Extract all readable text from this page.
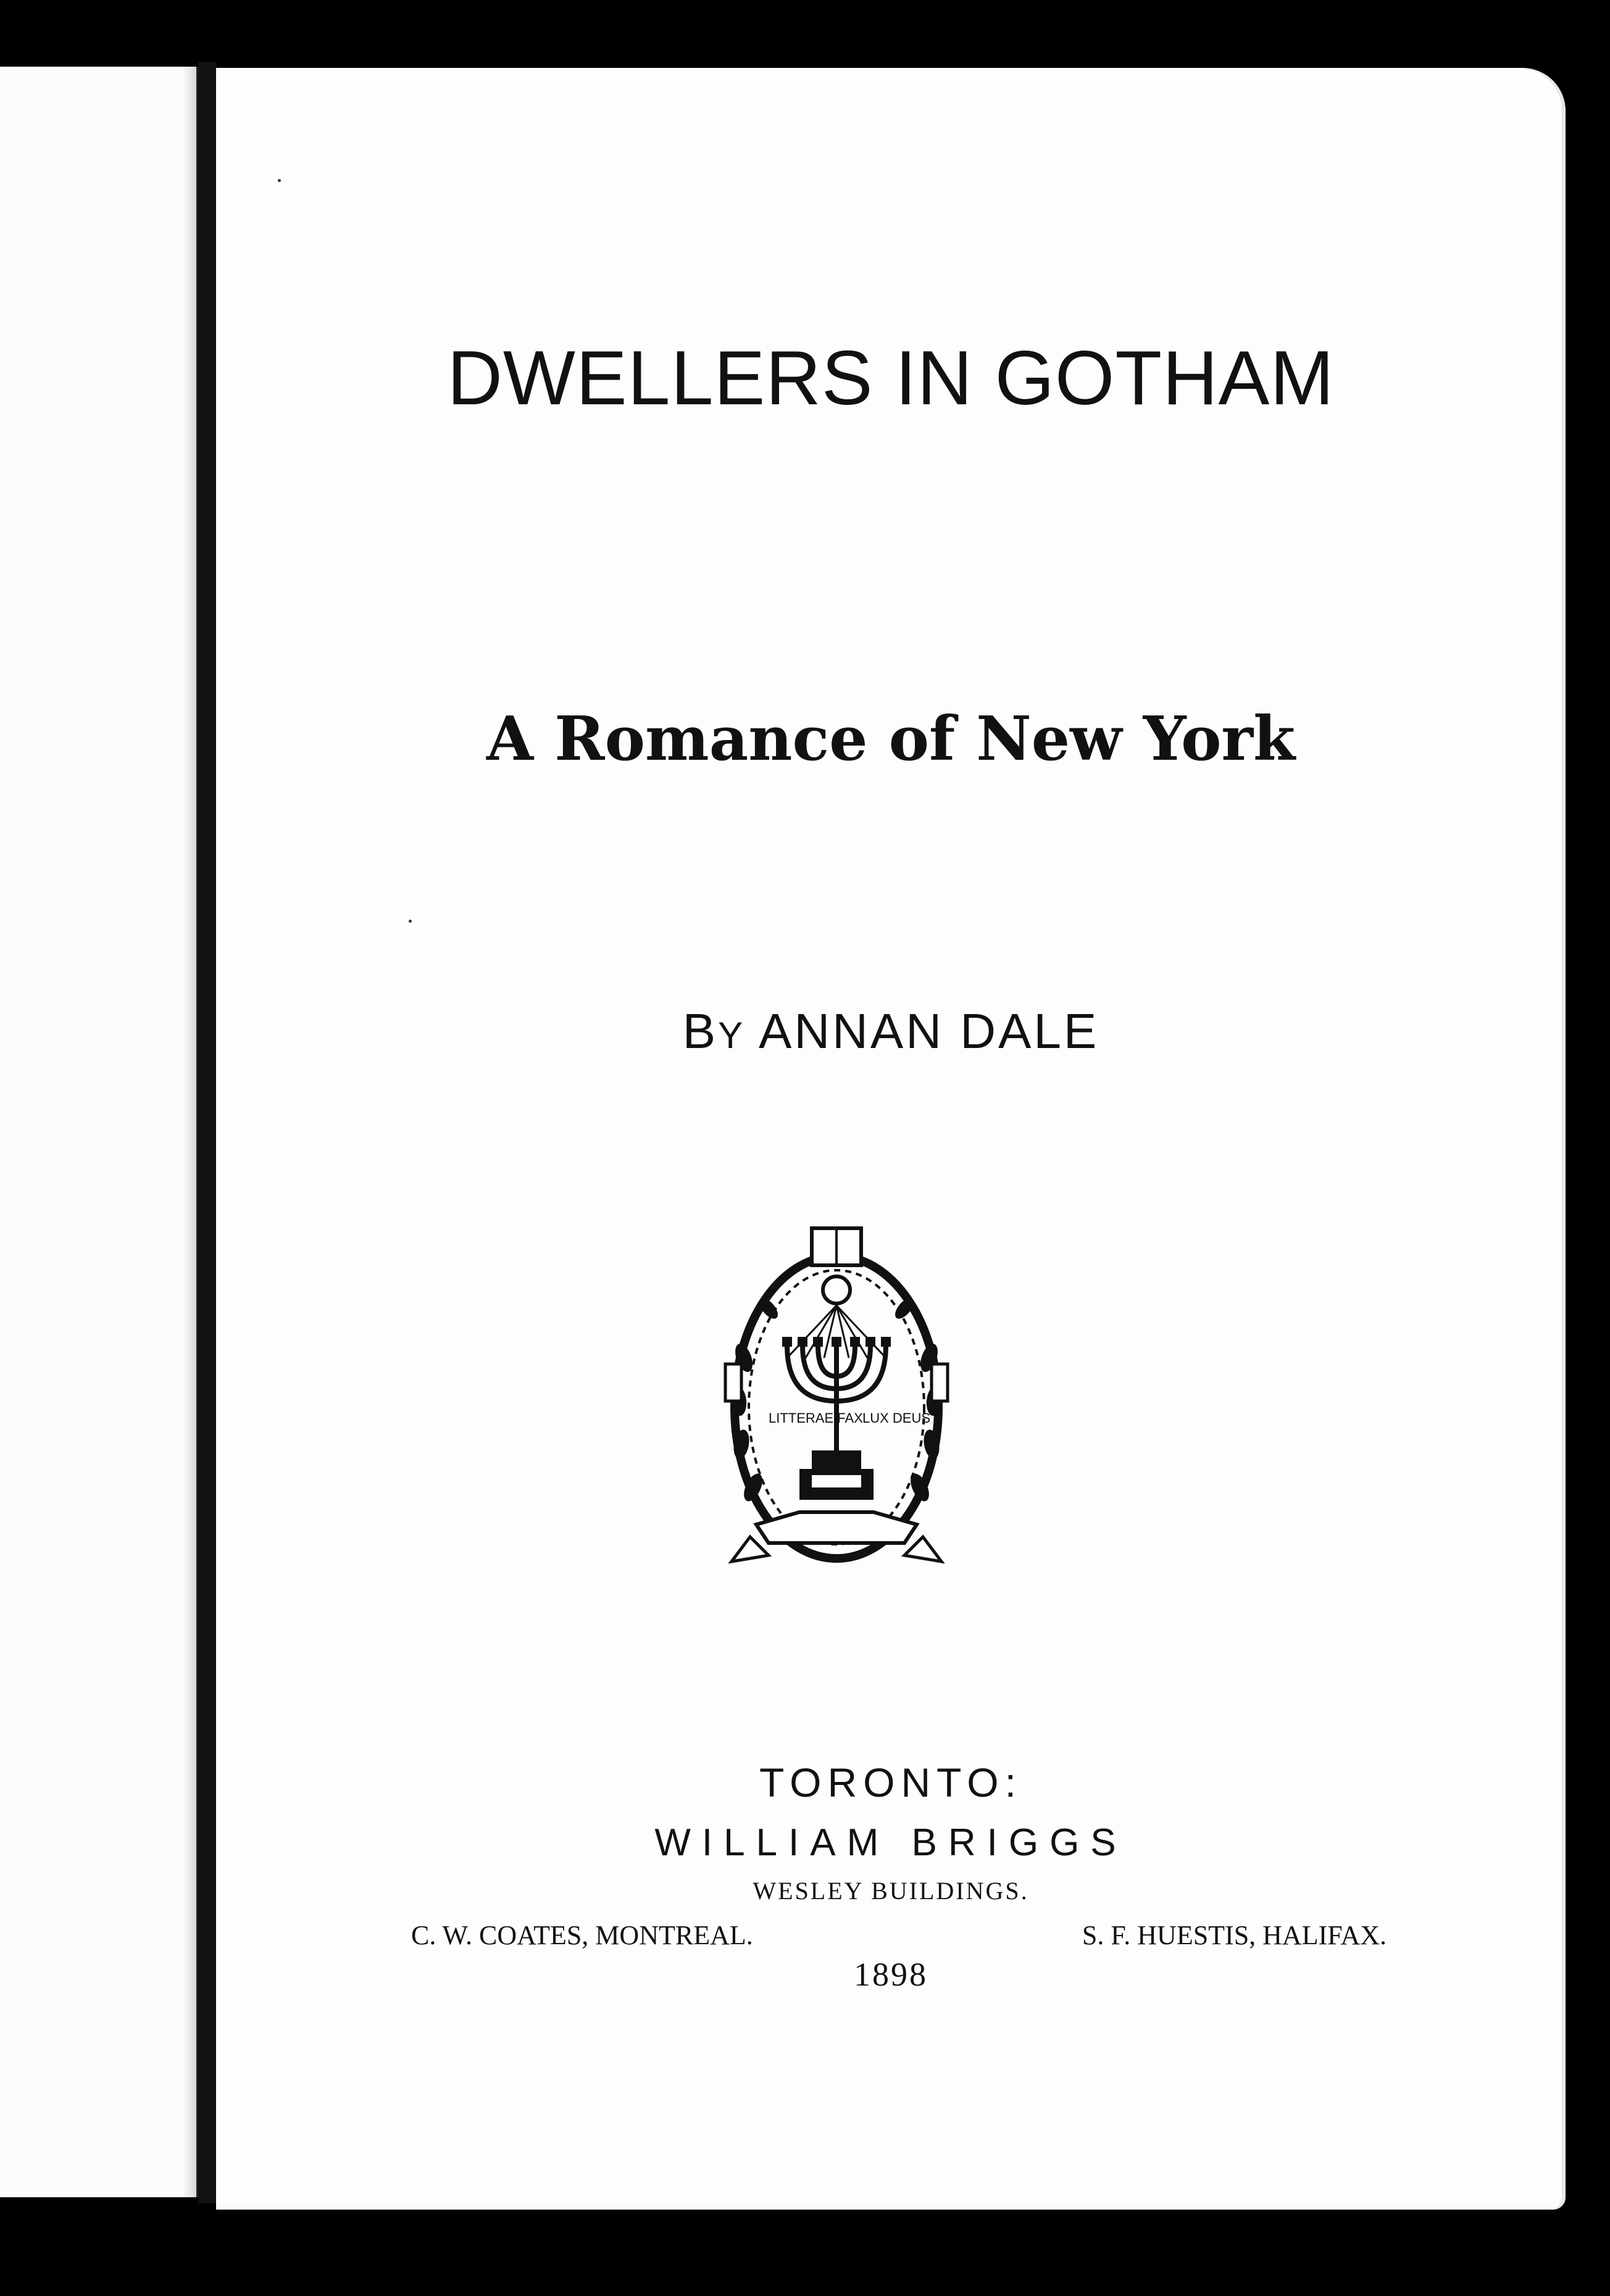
DWELLERS IN GOTHAM
A Romance of New York
BY ANNAN DALE
LITTERAE FAX LUX DEUS
TORONTO:
WILLIAM BRIGGS
WESLEY BUILDINGS.
C. W. COATES, MONTREAL.	S. F. HUESTIS, HALIFAX.
1898
